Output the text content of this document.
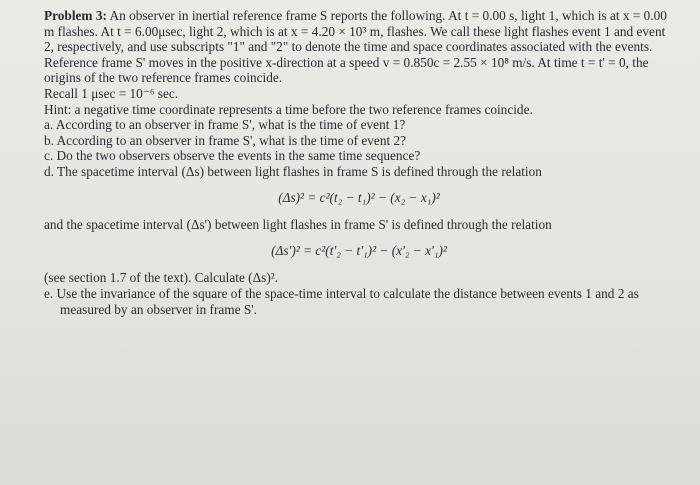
Problem 3: An observer in inertial reference frame S reports the following. At t = 0.00 s, light 1, which is at x = 0.00 m flashes. At t = 6.00μsec, light 2, which is at x = 4.20 × 10³ m, flashes. We call these light flashes event 1 and event 2, respectively, and use subscripts "1" and "2" to denote the time and space coordinates associated with the events. Reference frame S' moves in the positive x-direction at a speed v = 0.850c = 2.55 × 10⁸ m/s. At time t = t' = 0, the origins of the two reference frames coincide.

Recall 1 μsec = 10⁻⁶ sec.

Hint: a negative time coordinate represents a time before the two reference frames coincide.

a. According to an observer in frame S', what is the time of event 1?

b. According to an observer in frame S', what is the time of event 2?

c. Do the two observers observe the events in the same time sequence?

d. The spacetime interval (Δs) between light flashes in frame S is defined through the relation

(Δs)² = c²(t₂ − t₁)² − (x₂ − x₁)²

and the spacetime interval (Δs') between light flashes in frame S' is defined through the relation

(Δs')² = c²(t'₂ − t'₁)² − (x'₂ − x'₁)²

(see section 1.7 of the text). Calculate (Δs)².

e. Use the invariance of the square of the space-time interval to calculate the distance between events 1 and 2 as measured by an observer in frame S'.
